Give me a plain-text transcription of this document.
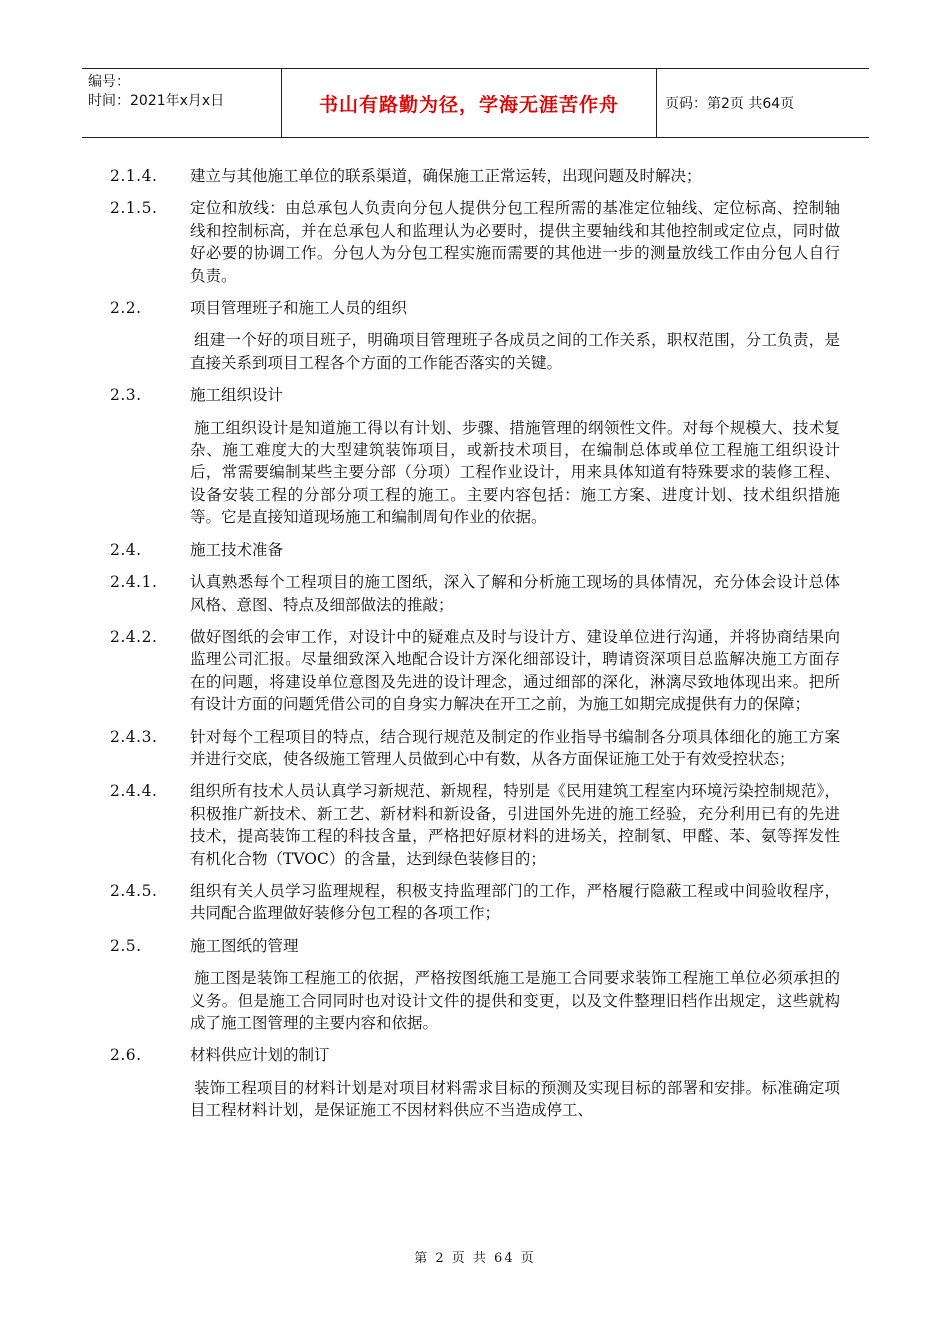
编号：
时间：2021年x月x日	书山有路勤为径，学海无涯苦作舟	页码：第2页 共64页
2.1.4.	建立与其他施工单位的联系渠道，确保施工正常运转，出现问题及时解决；
2.1.5.	定位和放线：由总承包人负责向分包人提供分包工程所需的基准定位轴线、定位标高、控制轴线和控制标高，并在总承包人和监理认为必要时，提供主要轴线和其他控制或定位点，同时做好必要的协调工作。分包人为分包工程实施而需要的其他进一步的测量放线工作由分包人自行负责。
2.2.	项目管理班子和施工人员的组织
组建一个好的项目班子，明确项目管理班子各成员之间的工作关系，职权范围，分工负责，是直接关系到项目工程各个方面的工作能否落实的关键。
2.3.	施工组织设计
施工组织设计是知道施工得以有计划、步骤、措施管理的纲领性文件。对每个规模大、技术复杂、施工难度大的大型建筑装饰项目，或新技术项目，在编制总体或单位工程施工组织设计后，常需要编制某些主要分部（分项）工程作业设计，用来具体知道有特殊要求的装修工程、设备安装工程的分部分项工程的施工。主要内容包括：施工方案、进度计划、技术组织措施等。它是直接知道现场施工和编制周旬作业的依据。
2.4.	施工技术准备
2.4.1.	认真熟悉每个工程项目的施工图纸，深入了解和分析施工现场的具体情况，充分体会设计总体风格、意图、特点及细部做法的推敲；
2.4.2.	做好图纸的会审工作，对设计中的疑难点及时与设计方、建设单位进行沟通，并将协商结果向监理公司汇报。尽量细致深入地配合设计方深化细部设计，聘请资深项目总监解决施工方面存在的问题，将建设单位意图及先进的设计理念，通过细部的深化，淋漓尽致地体现出来。把所有设计方面的问题凭借公司的自身实力解决在开工之前，为施工如期完成提供有力的保障；
2.4.3.	针对每个工程项目的特点，结合现行规范及制定的作业指导书编制各分项具体细化的施工方案并进行交底，使各级施工管理人员做到心中有数，从各方面保证施工处于有效受控状态；
2.4.4.	组织所有技术人员认真学习新规范、新规程，特别是《民用建筑工程室内环境污染控制规范》，积极推广新技术、新工艺、新材料和新设备，引进国外先进的施工经验，充分利用已有的先进技术，提高装饰工程的科技含量，严格把好原材料的进场关，控制氡、甲醛、苯、氨等挥发性有机化合物（TVOC）的含量，达到绿色装修目的；
2.4.5.	组织有关人员学习监理规程，积极支持监理部门的工作，严格履行隐蔽工程或中间验收程序，共同配合监理做好装修分包工程的各项工作；
2.5.	施工图纸的管理
施工图是装饰工程施工的依据，严格按图纸施工是施工合同要求装饰工程施工单位必须承担的义务。但是施工合同同时也对设计文件的提供和变更，以及文件整理旧档作出规定，这些就构成了施工图管理的主要内容和依据。
2.6.	材料供应计划的制订
装饰工程项目的材料计划是对项目材料需求目标的预测及实现目标的部署和安排。标准确定项目工程材料计划，是保证施工不因材料供应不当造成停工、
第 2 页 共 64 页
